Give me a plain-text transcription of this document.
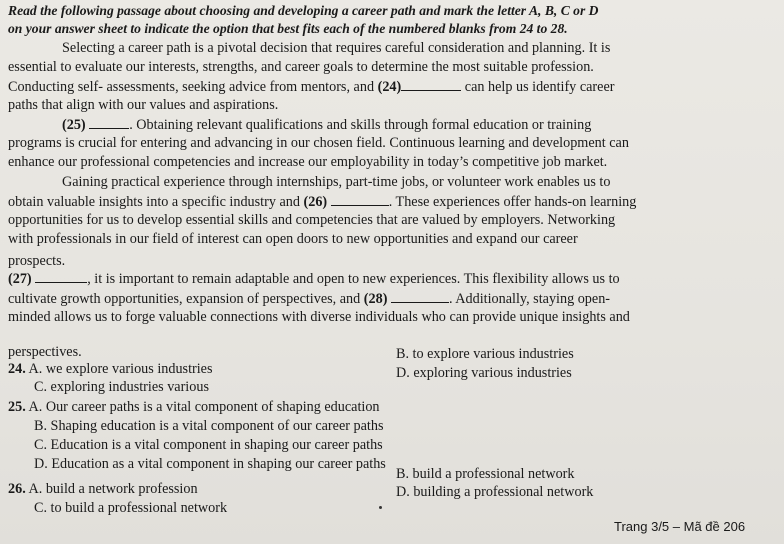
Read the following passage about choosing and developing a career path and mark the letter A, B, C or D
on your answer sheet to indicate the option that best fits each of the numbered blanks from 24 to 28.
Selecting a career path is a pivotal decision that requires careful consideration and planning. It is
essential to evaluate our interests, strengths, and career goals to determine the most suitable profession.
Conducting self- assessments, seeking advice from mentors, and (24)	can help us identify career
paths that align with our values and aspirations.
(25)	. Obtaining relevant qualifications and skills through formal education or training
programs is crucial for entering and advancing in our chosen field. Continuous learning and development can
enhance our professional competencies and increase our employability in today’s competitive job market.
Gaining practical experience through internships, part-time jobs, or volunteer work enables us to
obtain valuable insights into a specific industry and (26)	. These experiences offer hands-on learning
opportunities for us to develop essential skills and competencies that are valued by employers. Networking
with professionals in our field of interest can open doors to new opportunities and expand our career
prospects.
(27)	, it is important to remain adaptable and open to new experiences. This flexibility allows us to
cultivate growth opportunities, expansion of perspectives, and (28)	. Additionally, staying open-
minded allows us to forge valuable connections with diverse individuals who can provide unique insights and
perspectives.
24. A. we explore various industries
B. to explore various industries
C. exploring industries various
D. exploring various industries
25. A. Our career paths is a vital component of shaping education
B. Shaping education is a vital component of our career paths
C. Education is a vital component in shaping our career paths
D. Education as a vital component in shaping our career paths
26. A. build a network profession
B. build a professional network
C. to build a professional network
D. building a professional network
Trang 3/5 – Mã đề 206
